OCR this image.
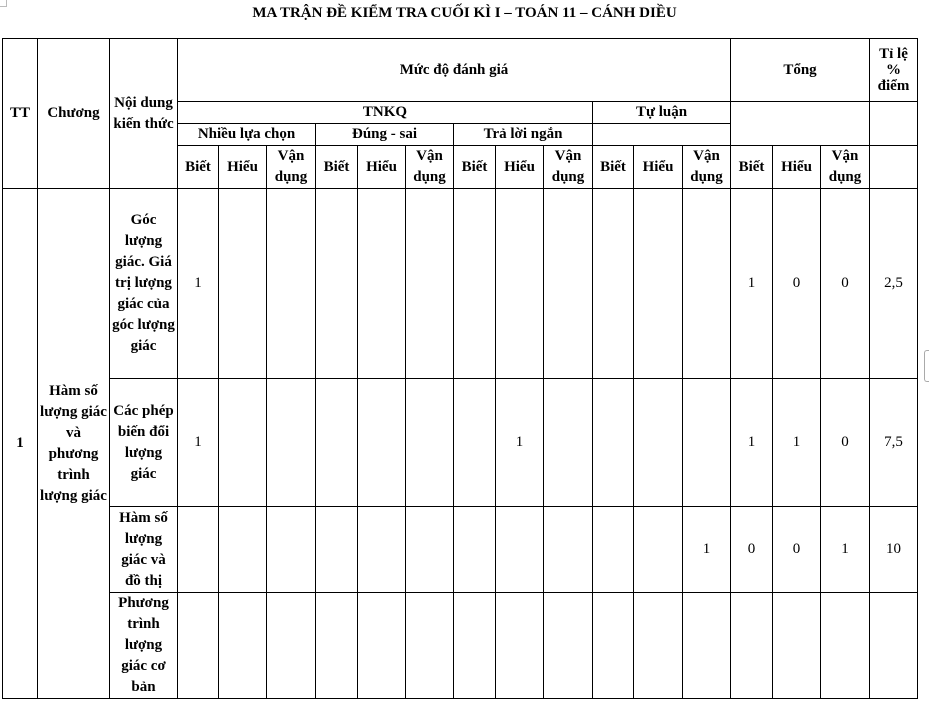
MA TRẬN ĐỀ KIỂM TRA CUỐI KÌ I – TOÁN 11 – CÁNH DIỀU
TT	Chương	Nội dung kiến thức	Mức độ đánh giá												Tổng			Tỉ lệ % điểm
			TNKQ									Tự luận						
			Nhiều lựa chọn			Đúng - sai			Trả lời ngắn									
			Biết	Hiểu	Vận dụng	Biết	Hiểu	Vận dụng	Biết	Hiểu	Vận dụng	Biết	Hiểu	Vận dụng	Biết	Hiểu	Vận dụng	
1	Hàm số lượng giác và phương trình lượng giác	Góc lượng giác. Giá trị lượng giác của góc lượng giác	1												1	0	0	2,5
		Các phép biến đổi lượng giác	1							1					1	1	0	7,5
		Hàm số lượng giác và đồ thị												1	0	0	1	10
		Phương trình lượng giác cơ bản																
